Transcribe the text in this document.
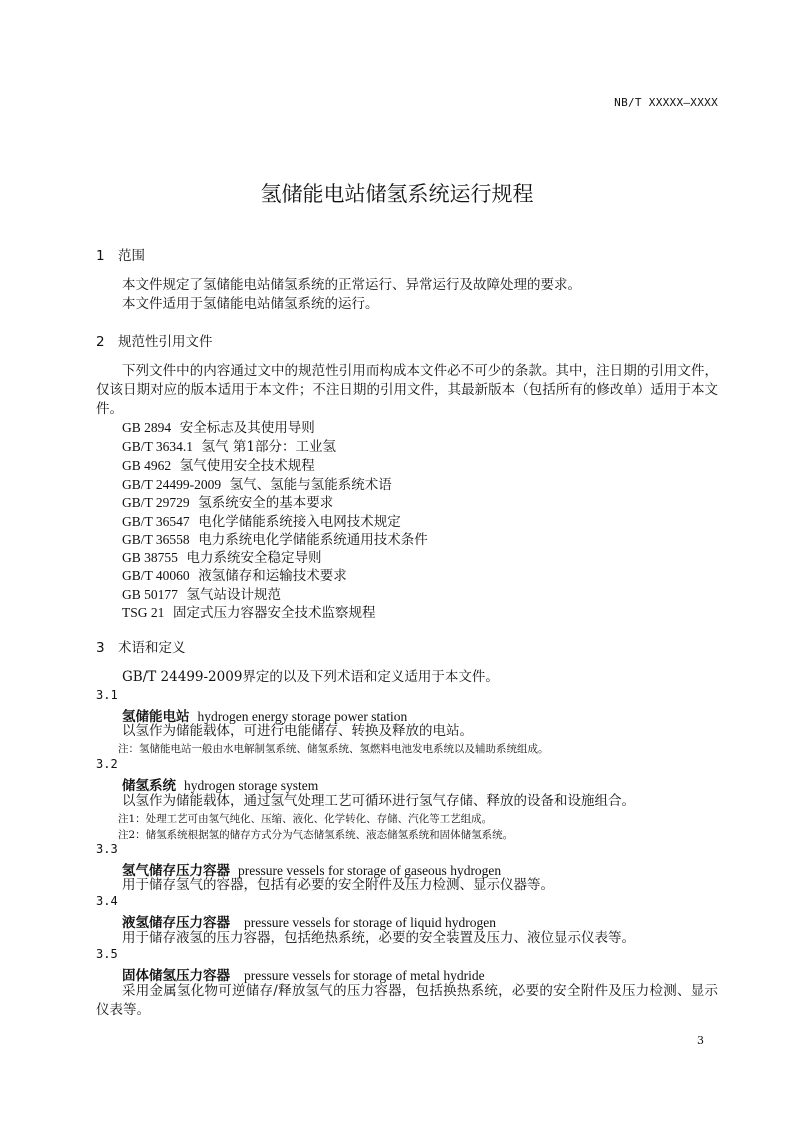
NB/T XXXXX—XXXX
氢储能电站储氢系统运行规程
1 范围
本文件规定了氢储能电站储氢系统的正常运行、异常运行及故障处理的要求。
本文件适用于氢储能电站储氢系统的运行。
2 规范性引用文件
下列文件中的内容通过文中的规范性引用而构成本文件必不可少的条款。其中，注日期的引用文件，仅该日期对应的版本适用于本文件；不注日期的引用文件，其最新版本（包括所有的修改单）适用于本文件。
GB 2894 安全标志及其使用导则
GB/T 3634.1 氢气 第1部分：工业氢
GB 4962 氢气使用安全技术规程
GB/T 24499-2009 氢气、氢能与氢能系统术语
GB/T 29729 氢系统安全的基本要求
GB/T 36547 电化学储能系统接入电网技术规定
GB/T 36558 电力系统电化学储能系统通用技术条件
GB 38755 电力系统安全稳定导则
GB/T 40060 液氢储存和运输技术要求
GB 50177 氢气站设计规范
TSG 21 固定式压力容器安全技术监察规程
3 术语和定义
GB/T 24499-2009界定的以及下列术语和定义适用于本文件。
3.1
氢储能电站 hydrogen energy storage power station
以氢作为储能载体，可进行电能储存、转换及释放的电站。
注：氢储能电站一般由水电解制氢系统、储氢系统、氢燃料电池发电系统以及辅助系统组成。
3.2
储氢系统 hydrogen storage system
以氢作为储能载体，通过氢气处理工艺可循环进行氢气存储、释放的设备和设施组合。
注1：处理工艺可由氢气纯化、压缩、液化、化学转化、存储、汽化等工艺组成。
注2：储氢系统根据氢的储存方式分为气态储氢系统、液态储氢系统和固体储氢系统。
3.3
氢气储存压力容器 pressure vessels for storage of gaseous hydrogen
用于储存氢气的容器，包括有必要的安全附件及压力检测、显示仪器等。
3.4
液氢储存压力容器 pressure vessels for storage of liquid hydrogen
用于储存液氢的压力容器，包括绝热系统，必要的安全装置及压力、液位显示仪表等。
3.5
固体储氢压力容器 pressure vessels for storage of metal hydride
采用金属氢化物可逆储存/释放氢气的压力容器，包括换热系统，必要的安全附件及压力检测、显示仪表等。
3
